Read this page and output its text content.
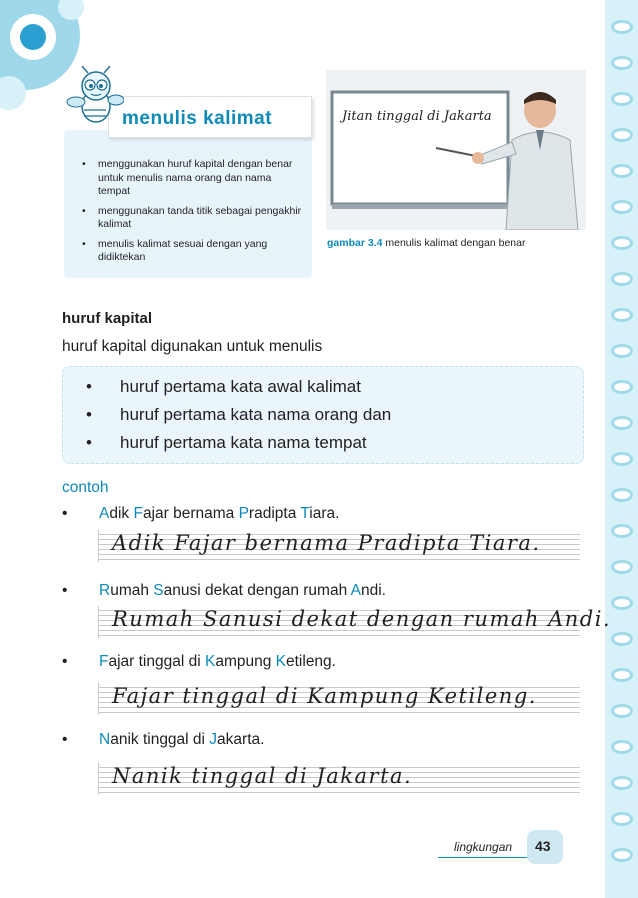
menulis kalimat
• menggunakan huruf kapital dengan benar untuk menulis nama orang dan nama tempat
• menggunakan tanda titik sebagai pengakhir kalimat
• menulis kalimat sesuai dengan yang didiktekan
Jitan tinggal di Jakarta
gambar 3.4 menulis kalimat dengan benar
huruf kapital
huruf kapital digunakan untuk menulis
• huruf pertama kata awal kalimat
• huruf pertama kata nama orang dan
• huruf pertama kata nama tempat
contoh
• Adik Fajar bernama Pradipta Tiara.
Adik Fajar bernama Pradipta Tiara.
• Rumah Sanusi dekat dengan rumah Andi.
Rumah Sanusi dekat dengan rumah Andi.
• Fajar tinggal di Kampung Ketileng.
Fajar tinggal di Kampung Ketileng.
• Nanik tinggal di Jakarta.
Nanik tinggal di Jakarta.
lingkungan 43
